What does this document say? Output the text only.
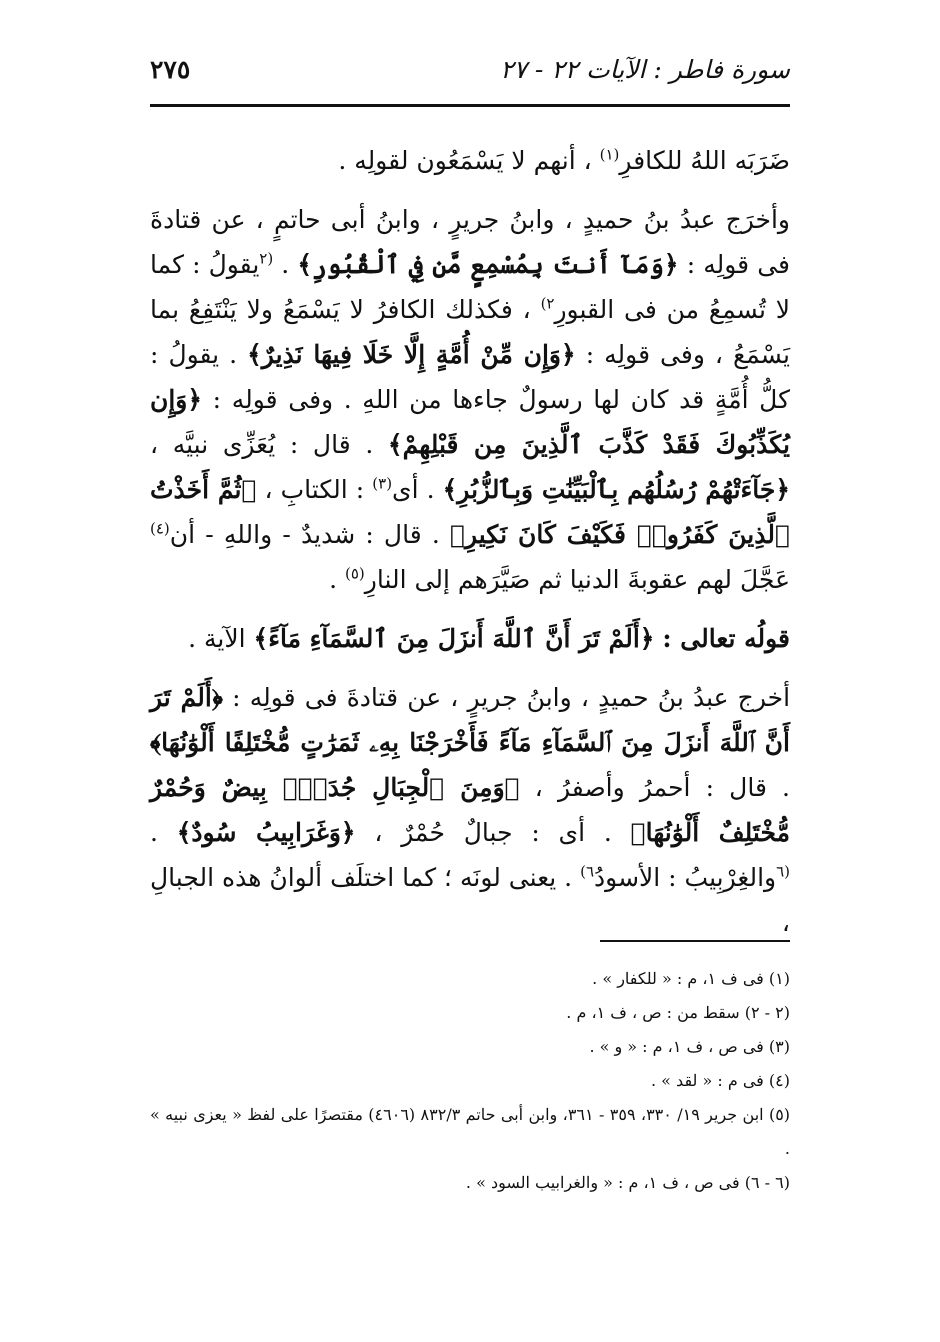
سورة فاطر : الآيات ٢٢ - ٢٧
٢٧٥

ضَرَبَه اللهُ للكافرِ$^{(١)}$ ، أنهم لا يَسْمَعُون لقولِه .

وأخرَج عبدُ بنُ حميدٍ ، وابنُ جريرٍ ، وابنُ أبى حاتمٍ ، عن قتادةَ فى قولِه : ﴿وَمَآ أَنتَ بِمُسْمِعٍ مَّن فِي ٱلْقُبُورِ﴾ . $^{(٢}$يقولُ : كما لا تُسمِعُ من فى القبورِ$^{٢)}$ ، فكذلك الكافرُ لا يَسْمَعُ ولا يَنْتَفِعُ بما يَسْمَعُ ، وفى قولِه : ﴿وَإِن مِّنْ أُمَّةٍ إِلَّا خَلَا فِيهَا نَذِيرٌ﴾ . يقولُ : كلُّ أُمَّةٍ قد كان لها رسولٌ جاءها من اللهِ . وفى قولِه : ﴿وَإِن يُكَذِّبُوكَ فَقَدْ كَذَّبَ ٱلَّذِينَ مِن قَبْلِهِمْ﴾ . قال : يُعَزِّى نبيَّه ، ﴿جَآءَتْهُمْ رُسُلُهُم بِٱلْبَيِّنَٰتِ وَبِٱلزُّبُرِ﴾ . أى$^{(٣)}$ : الكتابِ ، ﴿ثُمَّ أَخَذْتُ ٱلَّذِينَ كَفَرُوا۟ فَكَيْفَ كَانَ نَكِيرِ﴾ . قال : شديدٌ - واللهِ - أن$^{(٤)}$ عَجَّلَ لهم عقوبةَ الدنيا ثم صَيَّرَهم إلى النارِ$^{(٥)}$ .

قولُه تعالى : ﴿أَلَمْ تَرَ أَنَّ ٱللَّهَ أَنزَلَ مِنَ ٱلسَّمَآءِ مَآءً﴾ الآية .

أخرج عبدُ بنُ حميدٍ ، وابنُ جريرٍ ، عن قتادةَ فى قولِه : ﴿أَلَمْ تَرَ أَنَّ ٱللَّهَ أَنزَلَ مِنَ ٱلسَّمَآءِ مَآءً فَأَخْرَجْنَا بِهِۦ ثَمَرَٰتٍ مُّخْتَلِفًا أَلْوَٰنُهَا﴾ . قال : أحمرُ وأصفرُ ، ﴿وَمِنَ ٱلْجِبَالِ جُدَدٌۢ بِيضٌ وَحُمْرٌ مُّخْتَلِفٌ أَلْوَٰنُهَا﴾ . أى : جبالٌ حُمْرٌ ، ﴿وَغَرَابِيبُ سُودٌ﴾ . $^{(٦}$والغِرْبِيبُ : الأسودُ$^{٦)}$ . يعنى لونَه ؛ كما اختلَف ألوانُ هذه الجبالِ ،

(١) فى ف ١، م : « للكفار » .

(٢ - ٢) سقط من : ص ، ف ١، م .

(٣) فى ص ، ف ١، م : « و » .

(٤) فى م : « لقد » .

(٥) ابن جرير ١٩/ ٣٣٠، ٣٥٩ - ٣٦١، وابن أبى حاتم ٨٣٢/٣ (٤٦٠٦) مقتصرًا على لفظ « يعزى نبيه » .

(٦ - ٦) فى ص ، ف ١، م : « والغرابيب السود » .
